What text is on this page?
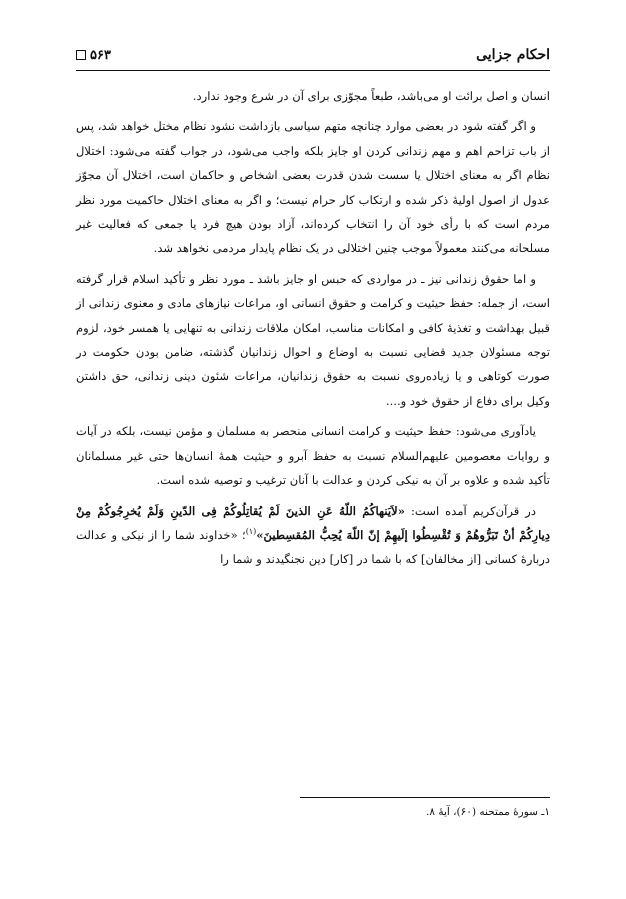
۵۶۳	احکام جزایی

انسان و اصل برائت او می‌باشد، طبعاً مجوّزی برای آن در شرع وجود ندارد.

و اگر گفته شود در بعضی موارد چنانچه متهم سیاسی بازداشت نشود نظام مختل خواهد شد، پس از باب تزاحم اهم و مهم زندانی کردن او جایز بلکه واجب می‌شود، در جواب گفته می‌شود: اختلال نظام اگر به معنای اختلال یا سست شدن قدرت بعضی اشخاص و حاکمان است، اختلال آن مجوّز عدول از اصول اولیهٔ ذکر شده و ارتکاب کار حرام نیست؛ و اگر به معنای اختلال حاکمیت مورد نظر مردم است که با رأی خود آن را انتخاب کرده‌اند، آزاد بودن هیچ فرد یا جمعی که فعالیت غیر مسلحانه می‌کنند معمولاً موجب چنین اختلالی در یک نظام پایدار مردمی نخواهد شد.

و اما حقوق زندانی نیز ـ در مواردی که حبس او جایز باشد ـ مورد نظر و تأکید اسلام قرار گرفته است، از جمله: حفظ حیثیت و کرامت و حقوق انسانی او، مراعات نیازهای مادی و معنوی زندانی از قبیل بهداشت و تغذیهٔ کافی و امکانات مناسب، امکان ملاقات زندانی به تنهایی یا همسر خود، لزوم توجه مسئولان جدید قضایی نسبت به اوضاع و احوال زندانیان گذشته، ضامن بودن حکومت در صورت کوتاهی و یا زیاده‌روی نسبت به حقوق زندانیان، مراعات شئون دینی زندانی، حق داشتن وکیل برای دفاع از حقوق خود و....

یادآوری می‌شود: حفظ حیثیت و کرامت انسانی منحصر به مسلمان و مؤمن نیست، بلکه در آیات و روایات معصومین علیهم‌السلام نسبت به حفظ آبرو و حیثیت همهٔ انسان‌ها حتی غیر مسلمانان تأکید شده و علاوه بر آن به نیکی کردن و عدالت با آنان ترغیب و توصیه شده است.

در قرآن‌کریم آمده است: «لاَيَنهاكُمُ اللّهُ عَنِ الذينَ لَمْ يُقاتِلُوكُمْ فِى الدّينِ وَلَمْ يُخرِجُوكُمْ مِنْ دِيارِكُمْ أنْ تَبَرُّوهُمْ وَ تُقْسِطُوا إلَيهِمْ إنّ اللّهَ يُحِبُّ المُقسِطينَ»$^{(۱)}$؛ «خداوند شما را از نیکی و عدالت دربارهٔ کسانی [از مخالفان] که با شما در [کار] دین نجنگیدند و شما را

۱ـ سورهٔ ممتحنه (۶۰)، آیهٔ ۸.
